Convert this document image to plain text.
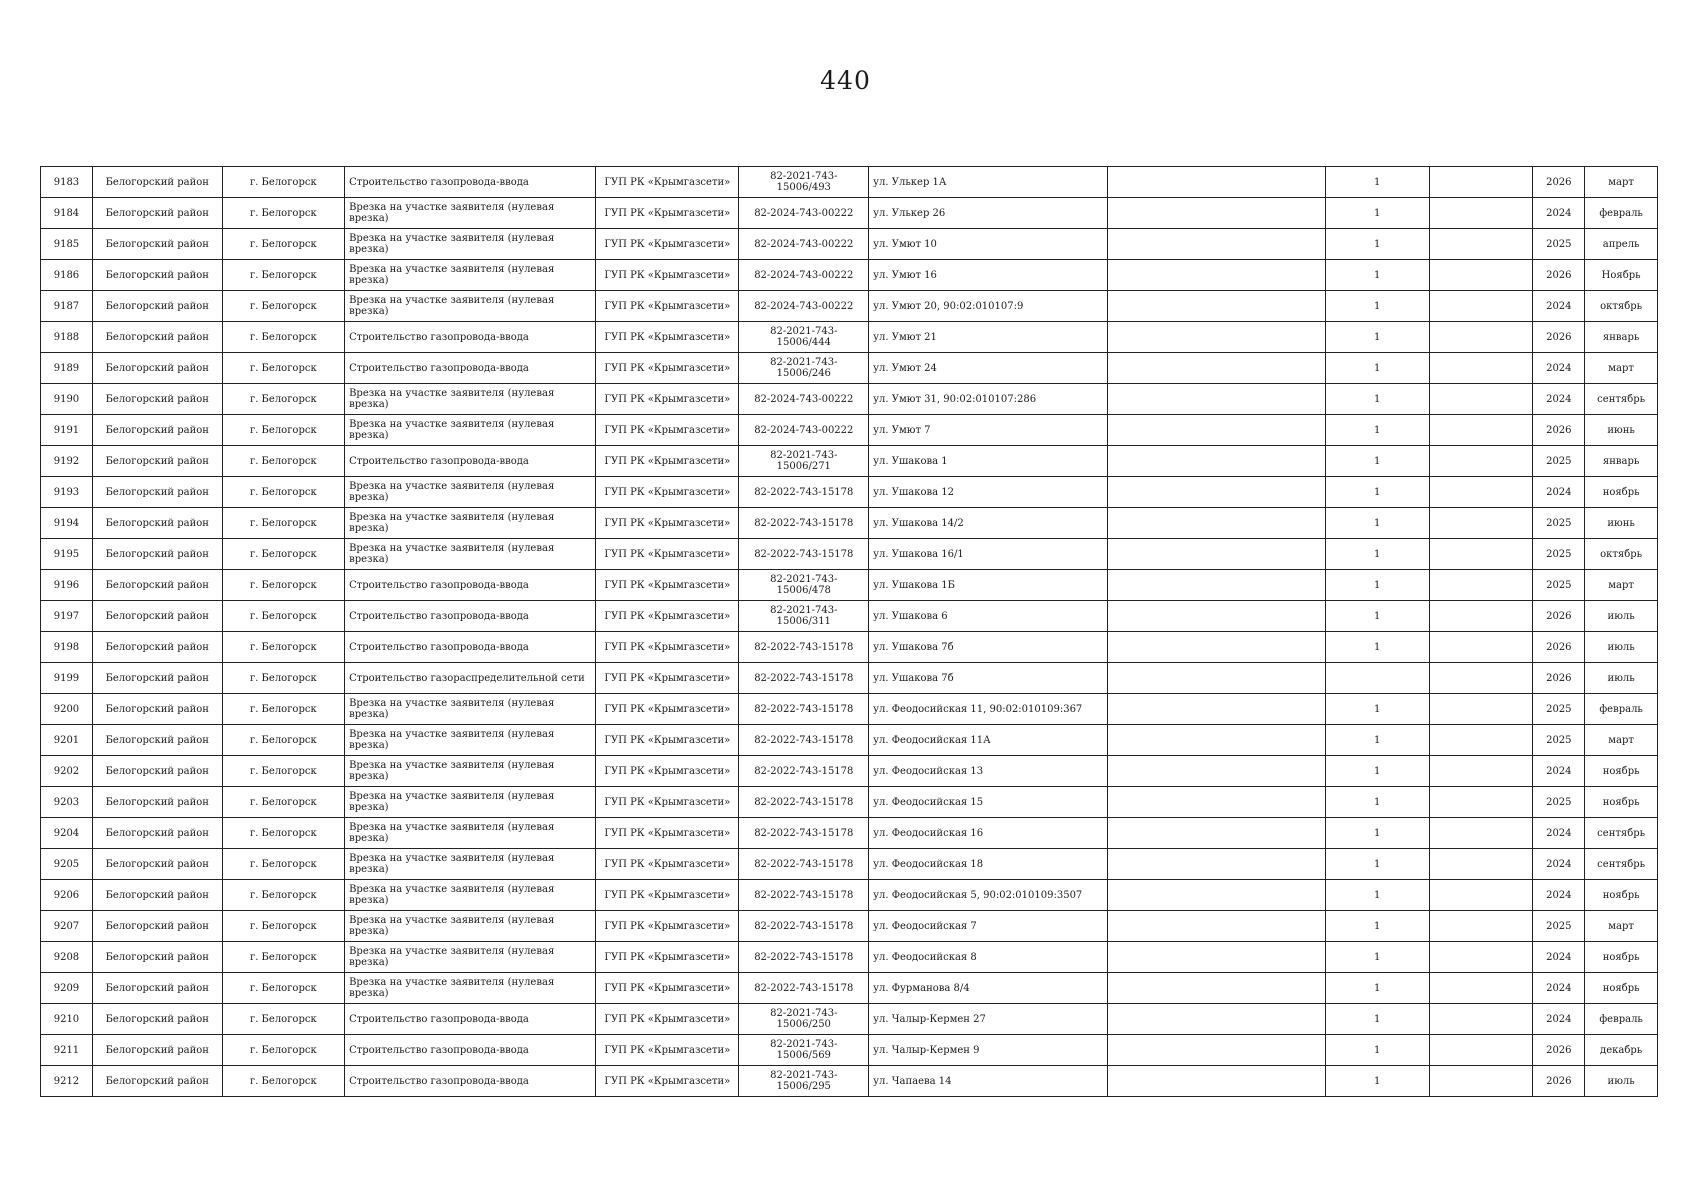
440
9183	Белогорский район	г. Белогорск	Строительство газопровода-ввода	ГУП РК «Крымгазсети»	82-2021-743-15006/493	ул. Улькер 1А		1		2026	март
9184	Белогорский район	г. Белогорск	Врезка на участке заявителя (нулевая врезка)	ГУП РК «Крымгазсети»	82-2024-743-00222	ул. Улькер 26		1		2024	февраль
9185	Белогорский район	г. Белогорск	Врезка на участке заявителя (нулевая врезка)	ГУП РК «Крымгазсети»	82-2024-743-00222	ул. Умют 10		1		2025	апрель
9186	Белогорский район	г. Белогорск	Врезка на участке заявителя (нулевая врезка)	ГУП РК «Крымгазсети»	82-2024-743-00222	ул. Умют 16		1		2026	Ноябрь
9187	Белогорский район	г. Белогорск	Врезка на участке заявителя (нулевая врезка)	ГУП РК «Крымгазсети»	82-2024-743-00222	ул. Умют 20, 90:02:010107:9		1		2024	октябрь
9188	Белогорский район	г. Белогорск	Строительство газопровода-ввода	ГУП РК «Крымгазсети»	82-2021-743-15006/444	ул. Умют 21		1		2026	январь
9189	Белогорский район	г. Белогорск	Строительство газопровода-ввода	ГУП РК «Крымгазсети»	82-2021-743-15006/246	ул. Умют 24		1		2024	март
9190	Белогорский район	г. Белогорск	Врезка на участке заявителя (нулевая врезка)	ГУП РК «Крымгазсети»	82-2024-743-00222	ул. Умют 31, 90:02:010107:286		1		2024	сентябрь
9191	Белогорский район	г. Белогорск	Врезка на участке заявителя (нулевая врезка)	ГУП РК «Крымгазсети»	82-2024-743-00222	ул. Умют 7		1		2026	июнь
9192	Белогорский район	г. Белогорск	Строительство газопровода-ввода	ГУП РК «Крымгазсети»	82-2021-743-15006/271	ул. Ушакова 1		1		2025	январь
9193	Белогорский район	г. Белогорск	Врезка на участке заявителя (нулевая врезка)	ГУП РК «Крымгазсети»	82-2022-743-15178	ул. Ушакова 12		1		2024	ноябрь
9194	Белогорский район	г. Белогорск	Врезка на участке заявителя (нулевая врезка)	ГУП РК «Крымгазсети»	82-2022-743-15178	ул. Ушакова 14/2		1		2025	июнь
9195	Белогорский район	г. Белогорск	Врезка на участке заявителя (нулевая врезка)	ГУП РК «Крымгазсети»	82-2022-743-15178	ул. Ушакова 16/1		1		2025	октябрь
9196	Белогорский район	г. Белогорск	Строительство газопровода-ввода	ГУП РК «Крымгазсети»	82-2021-743-15006/478	ул. Ушакова 1Б		1		2025	март
9197	Белогорский район	г. Белогорск	Строительство газопровода-ввода	ГУП РК «Крымгазсети»	82-2021-743-15006/311	ул. Ушакова 6		1		2026	июль
9198	Белогорский район	г. Белогорск	Строительство газопровода-ввода	ГУП РК «Крымгазсети»	82-2022-743-15178	ул. Ушакова 7б		1		2026	июль
9199	Белогорский район	г. Белогорск	Строительство газораспределительной сети	ГУП РК «Крымгазсети»	82-2022-743-15178	ул. Ушакова 7б				2026	июль
9200	Белогорский район	г. Белогорск	Врезка на участке заявителя (нулевая врезка)	ГУП РК «Крымгазсети»	82-2022-743-15178	ул. Феодосийская 11, 90:02:010109:367		1		2025	февраль
9201	Белогорский район	г. Белогорск	Врезка на участке заявителя (нулевая врезка)	ГУП РК «Крымгазсети»	82-2022-743-15178	ул. Феодосийская 11А		1		2025	март
9202	Белогорский район	г. Белогорск	Врезка на участке заявителя (нулевая врезка)	ГУП РК «Крымгазсети»	82-2022-743-15178	ул. Феодосийская 13		1		2024	ноябрь
9203	Белогорский район	г. Белогорск	Врезка на участке заявителя (нулевая врезка)	ГУП РК «Крымгазсети»	82-2022-743-15178	ул. Феодосийская 15		1		2025	ноябрь
9204	Белогорский район	г. Белогорск	Врезка на участке заявителя (нулевая врезка)	ГУП РК «Крымгазсети»	82-2022-743-15178	ул. Феодосийская 16		1		2024	сентябрь
9205	Белогорский район	г. Белогорск	Врезка на участке заявителя (нулевая врезка)	ГУП РК «Крымгазсети»	82-2022-743-15178	ул. Феодосийская 18		1		2024	сентябрь
9206	Белогорский район	г. Белогорск	Врезка на участке заявителя (нулевая врезка)	ГУП РК «Крымгазсети»	82-2022-743-15178	ул. Феодосийская 5, 90:02:010109:3507		1		2024	ноябрь
9207	Белогорский район	г. Белогорск	Врезка на участке заявителя (нулевая врезка)	ГУП РК «Крымгазсети»	82-2022-743-15178	ул. Феодосийская 7		1		2025	март
9208	Белогорский район	г. Белогорск	Врезка на участке заявителя (нулевая врезка)	ГУП РК «Крымгазсети»	82-2022-743-15178	ул. Феодосийская 8		1		2024	ноябрь
9209	Белогорский район	г. Белогорск	Врезка на участке заявителя (нулевая врезка)	ГУП РК «Крымгазсети»	82-2022-743-15178	ул. Фурманова 8/4		1		2024	ноябрь
9210	Белогорский район	г. Белогорск	Строительство газопровода-ввода	ГУП РК «Крымгазсети»	82-2021-743-15006/250	ул. Чалыр-Кермен 27		1		2024	февраль
9211	Белогорский район	г. Белогорск	Строительство газопровода-ввода	ГУП РК «Крымгазсети»	82-2021-743-15006/569	ул. Чалыр-Кермен 9		1		2026	декабрь
9212	Белогорский район	г. Белогорск	Строительство газопровода-ввода	ГУП РК «Крымгазсети»	82-2021-743-15006/295	ул. Чапаева 14		1		2026	июль
